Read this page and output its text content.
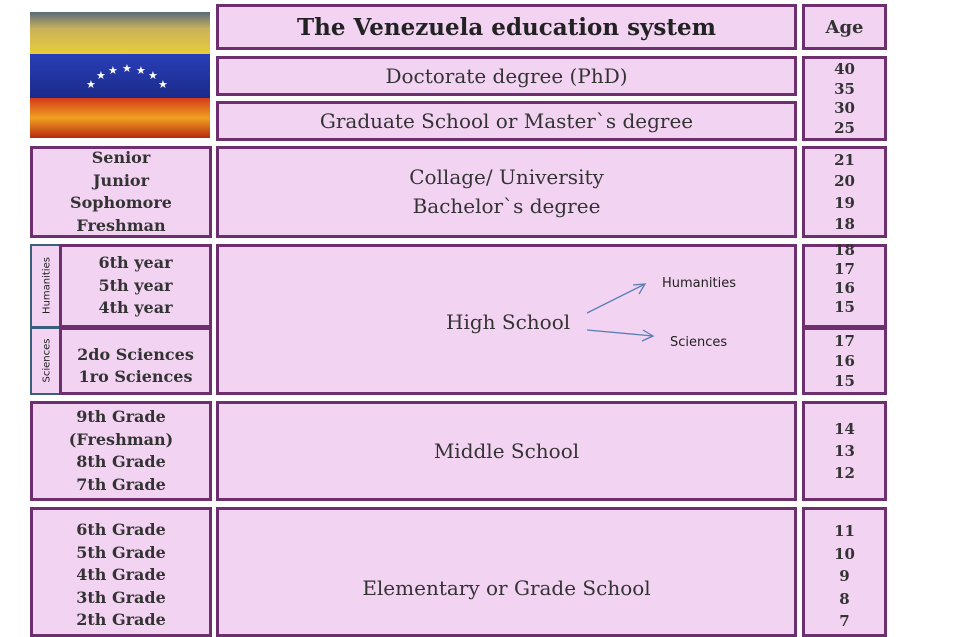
★
★ ★ ★ ★ ★
★
The Venezuela education system	Age
Doctorate degree (PhD)
Graduate School or Master`s degree
40
35
30
25
Senior
Junior
Sophomore
Freshman
Collage/ University
Bachelor`s degree
21
20
19
18
Humanities	6th year
5th year
4th year
Sciences 2do Sciences
1ro Sciences
High School
Humanities
Sciences
18
17
16
15
17
16
15
9th Grade
(Freshman)
8th Grade
7th Grade
Middle School
14
13
12
6th Grade
5th Grade
4th Grade
3th Grade
2th Grade
Elementary or Grade School
11
10
9
8
7
